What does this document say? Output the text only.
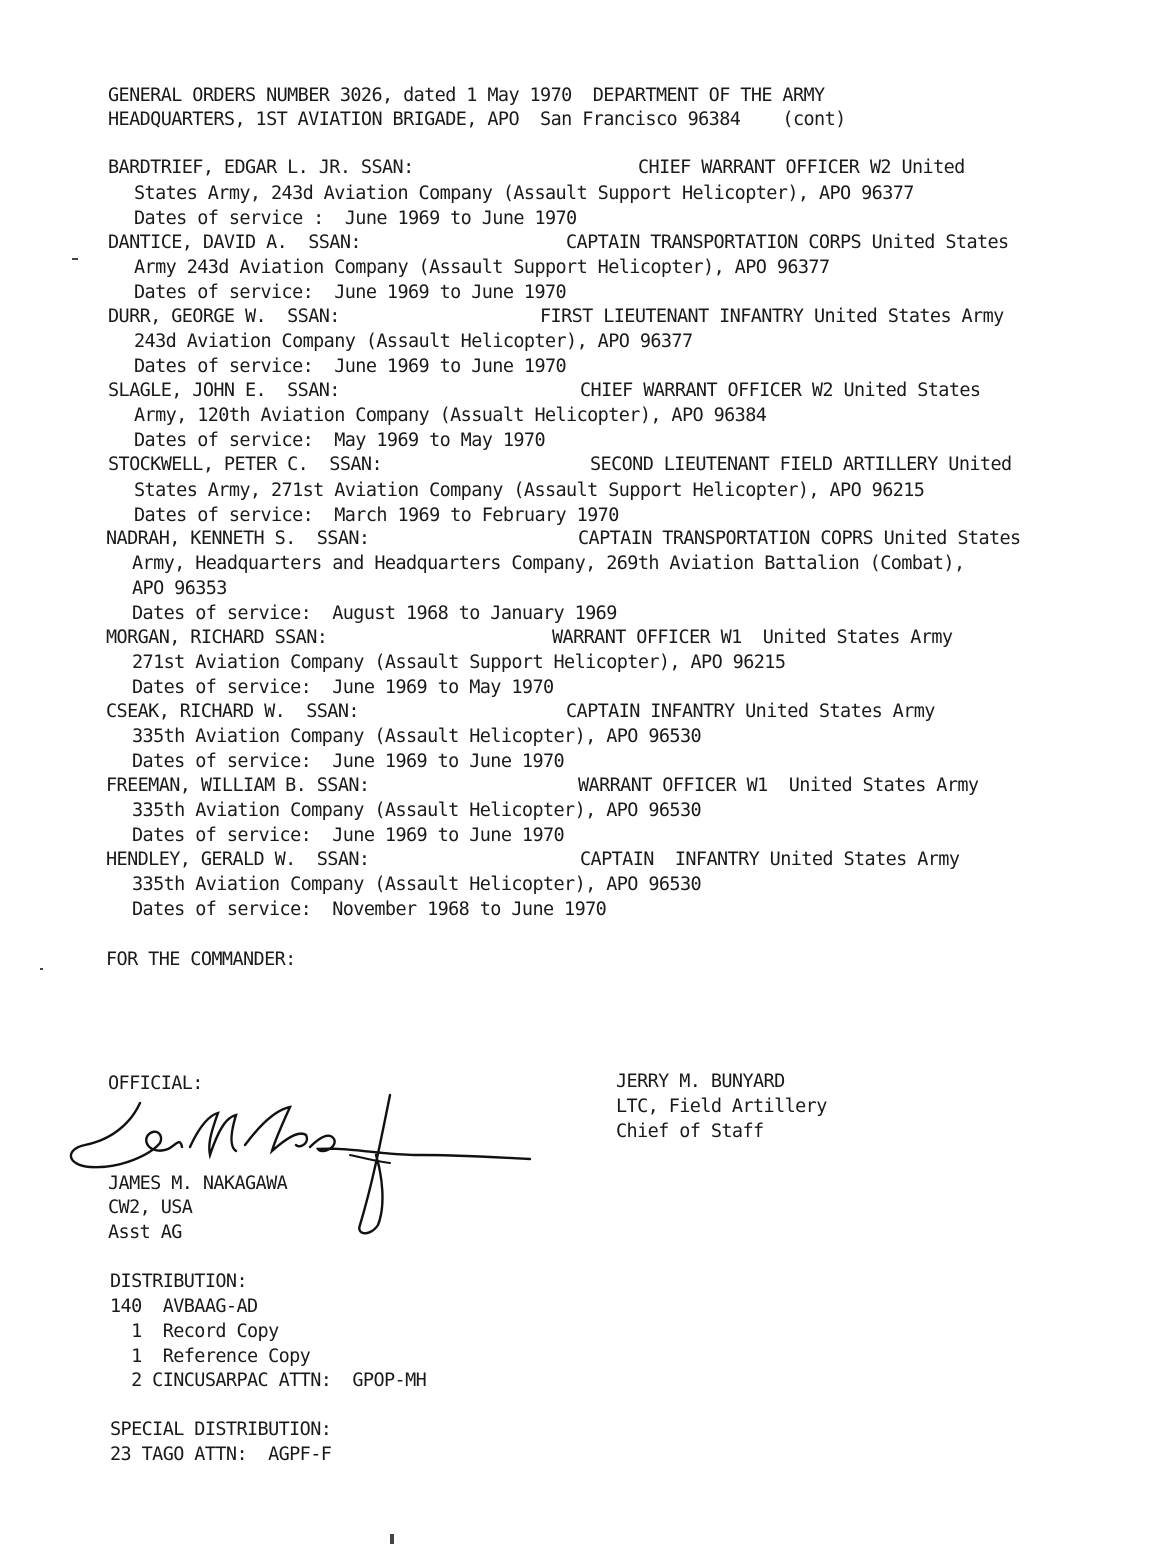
GENERAL ORDERS NUMBER 3026, dated 1 May 1970  DEPARTMENT OF THE ARMY
HEADQUARTERS, 1ST AVIATION BRIGADE, APO  San Francisco 96384    (cont)
BARDTRIEF, EDGAR L. JR. SSAN:	CHIEF WARRANT OFFICER W2 United
States Army, 243d Aviation Company (Assault Support Helicopter), APO 96377
Dates of service :  June 1969 to June 1970
DANTICE, DAVID A.  SSAN:	CAPTAIN TRANSPORTATION CORPS United States
Army 243d Aviation Company (Assault Support Helicopter), APO 96377
Dates of service:  June 1969 to June 1970
DURR, GEORGE W.  SSAN:	FIRST LIEUTENANT INFANTRY United States Army
243d Aviation Company (Assault Helicopter), APO 96377
Dates of service:  June 1969 to June 1970
SLAGLE, JOHN E.  SSAN:	CHIEF WARRANT OFFICER W2 United States
Army, 120th Aviation Company (Assualt Helicopter), APO 96384
Dates of service:  May 1969 to May 1970
STOCKWELL, PETER C.  SSAN:	SECOND LIEUTENANT FIELD ARTILLERY United
States Army, 271st Aviation Company (Assault Support Helicopter), APO 96215
Dates of service:  March 1969 to February 1970
NADRAH, KENNETH S.  SSAN:	CAPTAIN TRANSPORTATION COPRS United States
Army, Headquarters and Headquarters Company, 269th Aviation Battalion (Combat),
APO 96353
Dates of service:  August 1968 to January 1969
MORGAN, RICHARD SSAN:	WARRANT OFFICER W1  United States Army
271st Aviation Company (Assault Support Helicopter), APO 96215
Dates of service:  June 1969 to May 1970
CSEAK, RICHARD W.  SSAN:	CAPTAIN INFANTRY United States Army
335th Aviation Company (Assault Helicopter), APO 96530
Dates of service:  June 1969 to June 1970
FREEMAN, WILLIAM B. SSAN:	WARRANT OFFICER W1  United States Army
335th Aviation Company (Assault Helicopter), APO 96530
Dates of service:  June 1969 to June 1970
HENDLEY, GERALD W.  SSAN:	CAPTAIN  INFANTRY United States Army
335th Aviation Company (Assault Helicopter), APO 96530
Dates of service:  November 1968 to June 1970
FOR THE COMMANDER:
OFFICIAL:
JAMES M. NAKAGAWA
CW2, USA
Asst AG
JERRY M. BUNYARD
LTC, Field Artillery
Chief of Staff
DISTRIBUTION:
140  AVBAAG-AD
1  Record Copy
1  Reference Copy
2 CINCUSARPAC ATTN:  GPOP-MH
SPECIAL DISTRIBUTION:
23 TAGO ATTN:  AGPF-F
